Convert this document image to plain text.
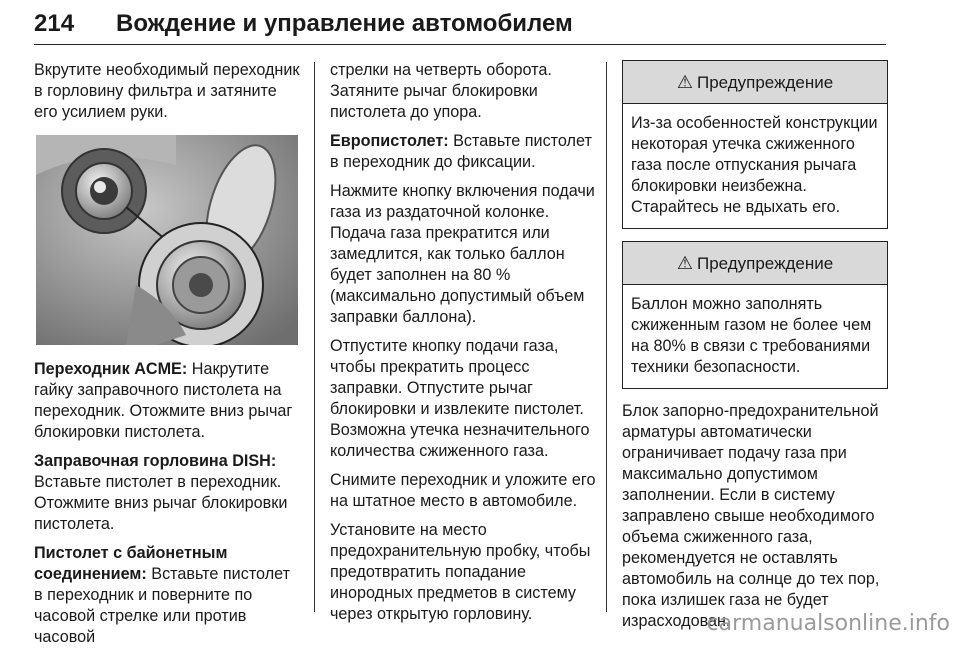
214 Вождение и управление автомобилем

Вкрутите необходимый переходник в горловину фильтра и затяните его усилием руки.

Переходник ACME: Накрутите гайку заправочного пистолета на переходник. Отожмите вниз рычаг блокировки пистолета.

Заправочная горловина DISH: Вставьте пистолет в переходник. Отожмите вниз рычаг блокировки пистолета.

Пистолет с байонетным соединением: Вставьте пистолет в переходник и поверните по часовой стрелке или против часовой

стрелки на четверть оборота. Затяните рычаг блокировки пистолета до упора.

Европистолет: Вставьте пистолет в переходник до фиксации.

Нажмите кнопку включения подачи газа из раздаточной колонке. Подача газа прекратится или замедлится, как только баллон будет заполнен на 80 % (максимально допустимый объем заправки баллона).

Отпустите кнопку подачи газа, чтобы прекратить процесс заправки. Отпустите рычаг блокировки и извлеките пистолет. Возможна утечка незначительного количества сжиженного газа.

Снимите переходник и уложите его на штатное место в автомобиле.

Установите на место предохранительную пробку, чтобы предотвратить попадание инородных предметов в систему через открытую горловину.

⚠ Предупреждение
Из-за особенностей конструкции некоторая утечка сжиженного газа после отпускания рычага блокировки неизбежна. Старайтесь не вдыхать его.
⚠ Предупреждение
Баллон можно заполнять сжиженным газом не более чем на 80% в связи с требованиями техники безопасности.

Блок запорно-предохранительной арматуры автоматически ограничивает подачу газа при максимально допустимом заполнении. Если в систему заправлено свыше необходимого объема сжиженного газа, рекомендуется не оставлять автомобиль на солнце до тех пор, пока излишек газа не будет израсходован.

carmanualsonline.info
